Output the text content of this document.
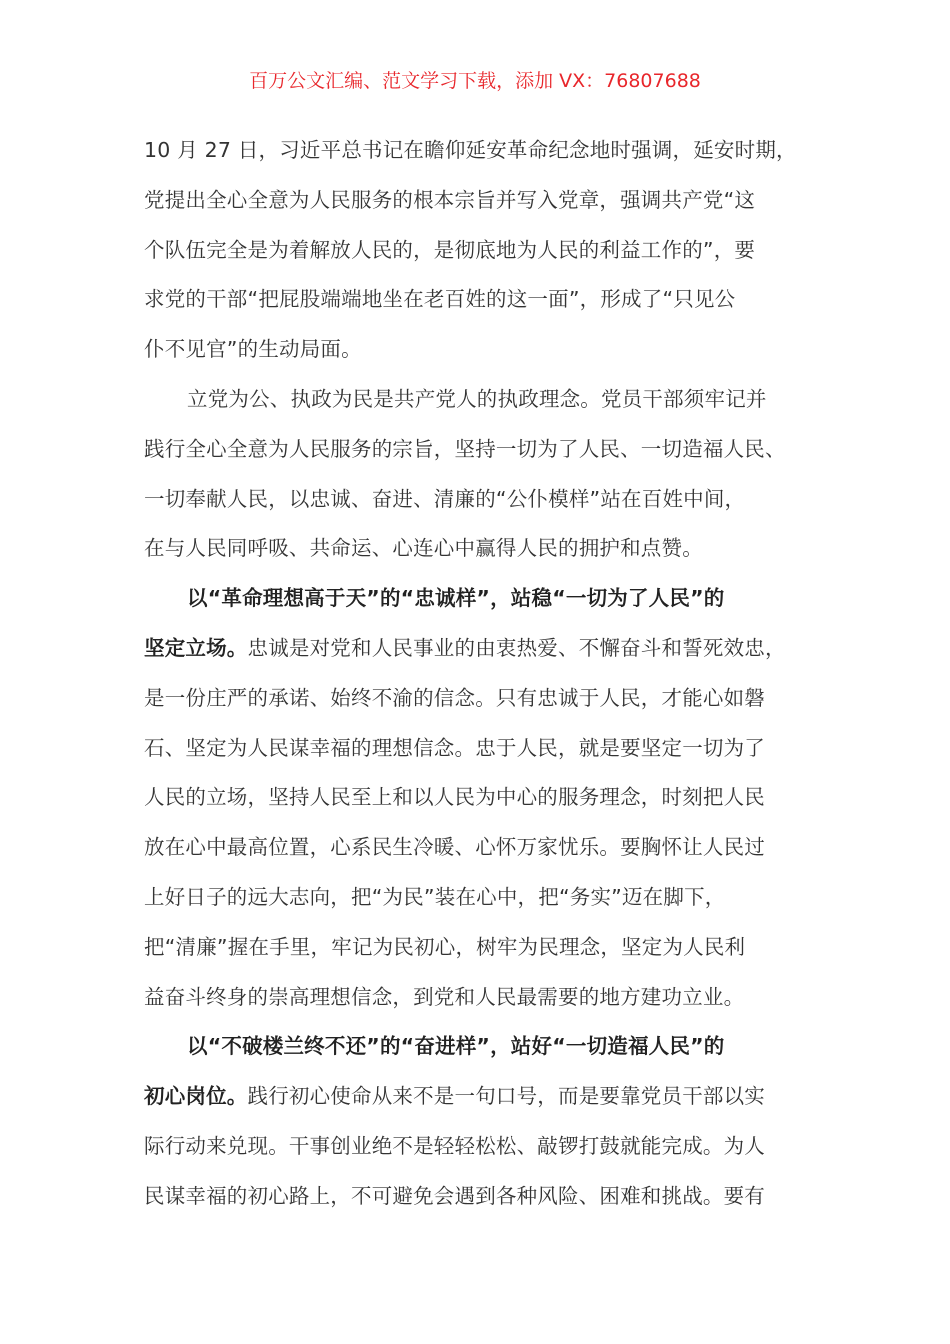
百万公文汇编、范文学习下载，添加 VX：76807688
10 月 27 日，习近平总书记在瞻仰延安革命纪念地时强调，延安时期，
党提出全心全意为人民服务的根本宗旨并写入党章，强调共产党“这
个队伍完全是为着解放人民的，是彻底地为人民的利益工作的”，要
求党的干部“把屁股端端地坐在老百姓的这一面”，形成了“只见公
仆不见官”的生动局面。
立党为公、执政为民是共产党人的执政理念。党员干部须牢记并
践行全心全意为人民服务的宗旨，坚持一切为了人民、一切造福人民、
一切奉献人民，以忠诚、奋进、清廉的“公仆模样”站在百姓中间，
在与人民同呼吸、共命运、心连心中赢得人民的拥护和点赞。
以“革命理想高于天”的“忠诚样”，站稳“一切为了人民”的
坚定立场。忠诚是对党和人民事业的由衷热爱、不懈奋斗和誓死效忠，
是一份庄严的承诺、始终不渝的信念。只有忠诚于人民，才能心如磐
石、坚定为人民谋幸福的理想信念。忠于人民，就是要坚定一切为了
人民的立场，坚持人民至上和以人民为中心的服务理念，时刻把人民
放在心中最高位置，心系民生冷暖、心怀万家忧乐。要胸怀让人民过
上好日子的远大志向，把“为民”装在心中，把“务实”迈在脚下，
把“清廉”握在手里，牢记为民初心，树牢为民理念，坚定为人民利
益奋斗终身的崇高理想信念，到党和人民最需要的地方建功立业。
以“不破楼兰终不还”的“奋进样”，站好“一切造福人民”的
初心岗位。践行初心使命从来不是一句口号，而是要靠党员干部以实
际行动来兑现。干事创业绝不是轻轻松松、敲锣打鼓就能完成。为人
民谋幸福的初心路上，不可避免会遇到各种风险、困难和挑战。要有
